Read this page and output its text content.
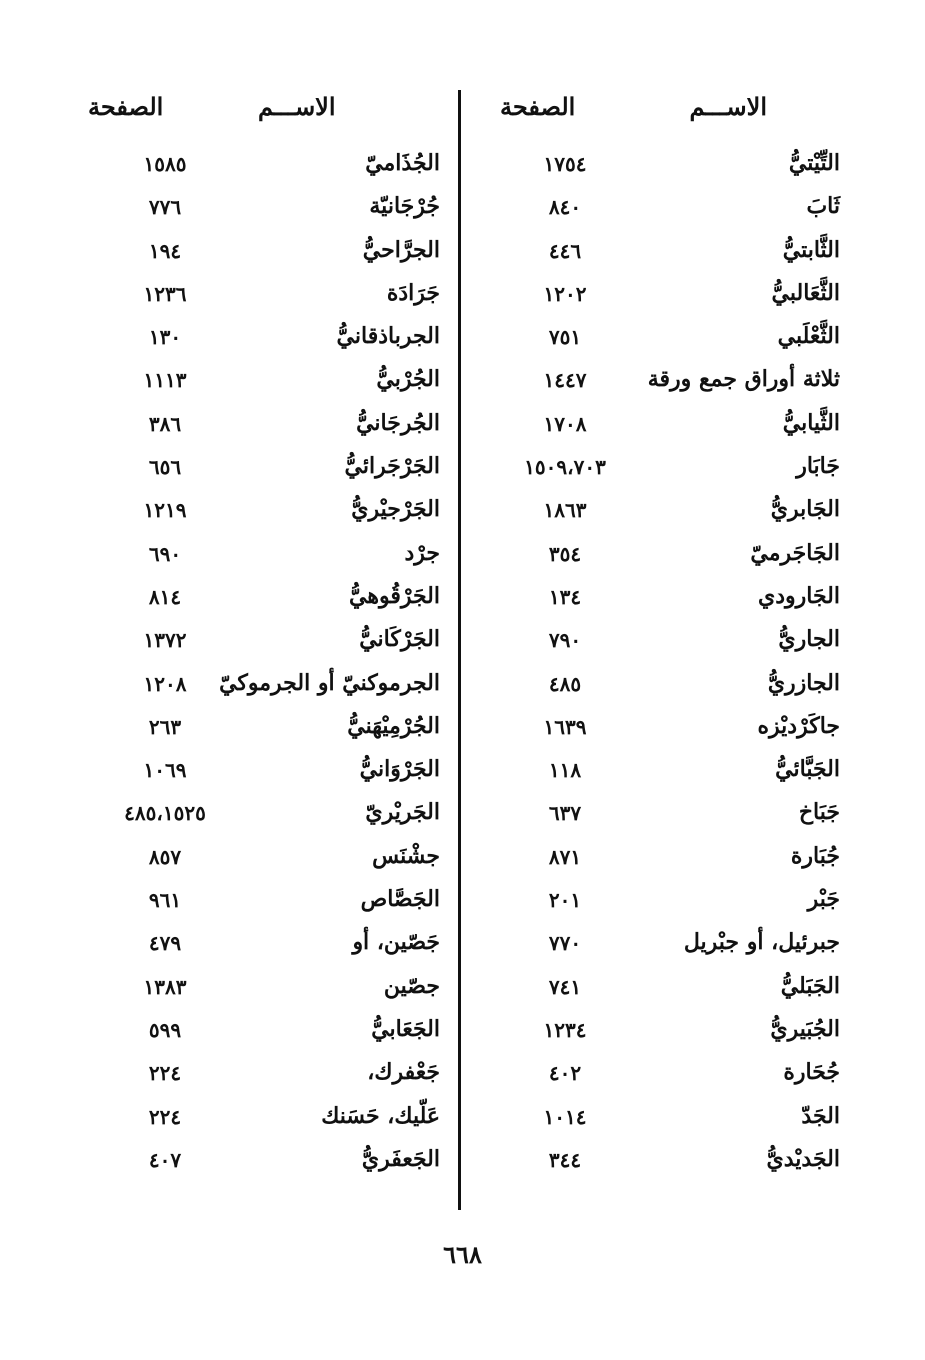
الاســـم
الصفحة
الاســـم
الصفحة
التِّيْتيُّ
١٧٥٤
ثَابَ
٨٤٠
الثَّابتيُّ
٤٤٦
الثَّعَالبيُّ
١٢٠٢
الثَّعْلَبي
٧٥١
ثلاثة أوراق جمع ورقة
١٤٤٧
الثَّيابيُّ
١٧٠٨
جَابَار
١٥٠٩،٧٠٣
الجَابريُّ
١٨٦٣
الجَاجَرميّ
٣٥٤
الجَارودي
١٣٤
الجاريُّ
٧٩٠
الجازريُّ
٤٨٥
جاكَرْديْزه
١٦٣٩
الجَبَّائيُّ
١١٨
جَبَاخ
٦٣٧
جُبَارة
٨٧١
جَبْر
٢٠١
جبرئيل، أو جبْريل
٧٧٠
الجَبَليُّ
٧٤١
الجُبَيريُّ
١٢٣٤
جُحَارة
٤٠٢
الجَدّ
١٠١٤
الجَديْديُّ
٣٤٤
الجُذَاميّ
١٥٨٥
جُرْجَانيّة
٧٧٦
الجرَّاحيُّ
١٩٤
جَرَادَة
١٢٣٦
الجرباذقانيُّ
١٣٠
الجُرْبيُّ
١١١٣
الجُرجَانيُّ
٣٨٦
الجَرْجَرائيُّ
٦٥٦
الجَرْجيْريُّ
١٢١٩
جرْد
٦٩٠
الجَرْقُوهيُّ
٨١٤
الجَرْكَانيُّ
١٣٧٢
الجرموكنيّ أو الجرموكيّ
١٢٠٨
الجُرْمِيْهَنيُّ
٢٦٣
الجَرْوَانيُّ
١٠٦٩
الجَريْريّ
٤٨٥،١٥٢٥
جشْنَس
٨٥٧
الجَصَّاص
٩٦١
جَصّين، أو
٤٧٩
جصّين
١٣٨٣
الجَعَابيُّ
٥٩٩
جَعْفرك،
٢٢٤
عَلّيك، حَسَنك
٢٢٤
الجَعفَريُّ
٤٠٧
٦٦٨
